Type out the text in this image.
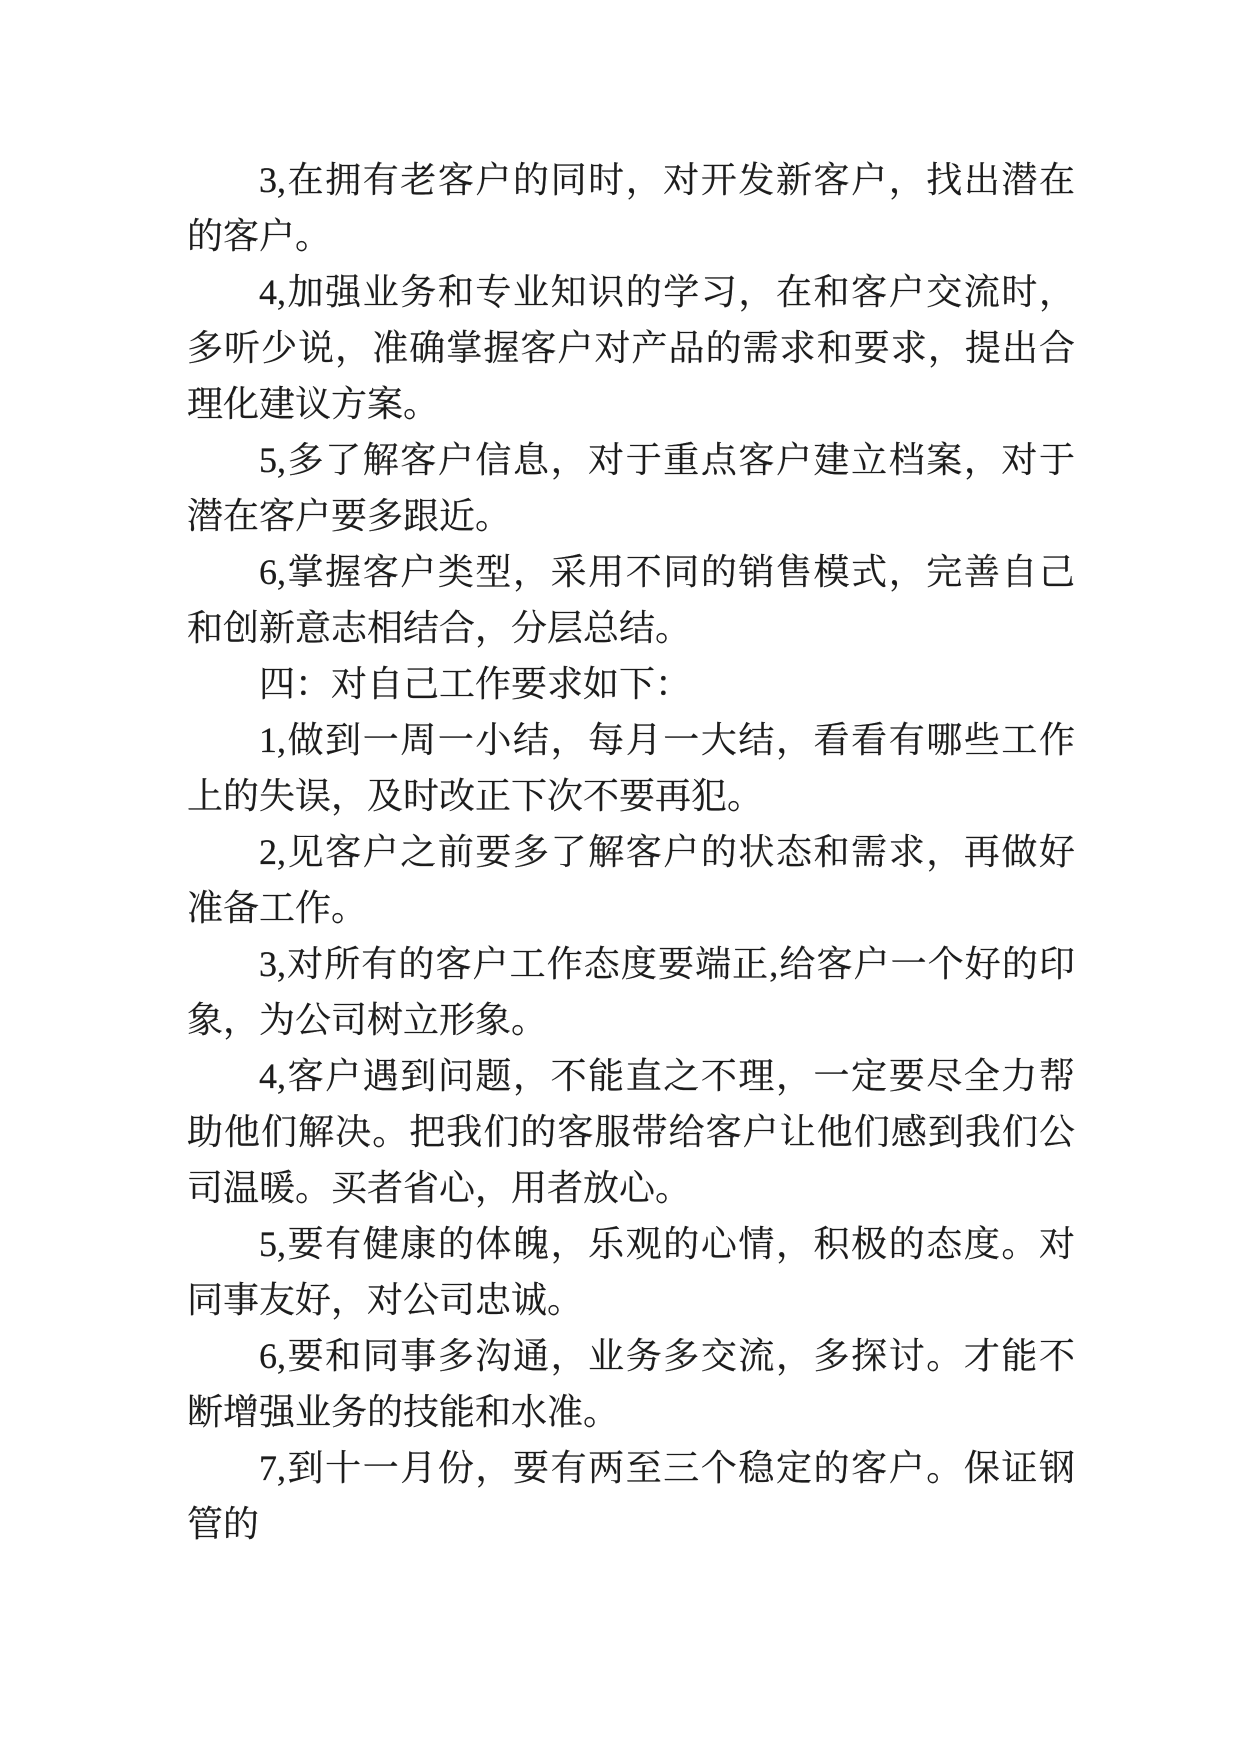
3,在拥有老客户的同时，对开发新客户，找出潜在的客户。

4,加强业务和专业知识的学习，在和客户交流时，多听少说，准确掌握客户对产品的需求和要求，提出合理化建议方案。

5,多了解客户信息，对于重点客户建立档案，对于潜在客户要多跟近。

6,掌握客户类型，采用不同的销售模式，完善自己和创新意志相结合，分层总结。

四：对自己工作要求如下：

1,做到一周一小结，每月一大结，看看有哪些工作上的失误，及时改正下次不要再犯。

2,见客户之前要多了解客户的状态和需求，再做好准备工作。

3,对所有的客户工作态度要端正,给客户一个好的印象，为公司树立形象。

4,客户遇到问题，不能直之不理，一定要尽全力帮助他们解决。把我们的客服带给客户让他们感到我们公司温暖。买者省心，用者放心。

5,要有健康的体魄，乐观的心情，积极的态度。对同事友好，对公司忠诚。

6,要和同事多沟通，业务多交流，多探讨。才能不断增强业务的技能和水准。

7,到十一月份，要有两至三个稳定的客户。保证钢管的
